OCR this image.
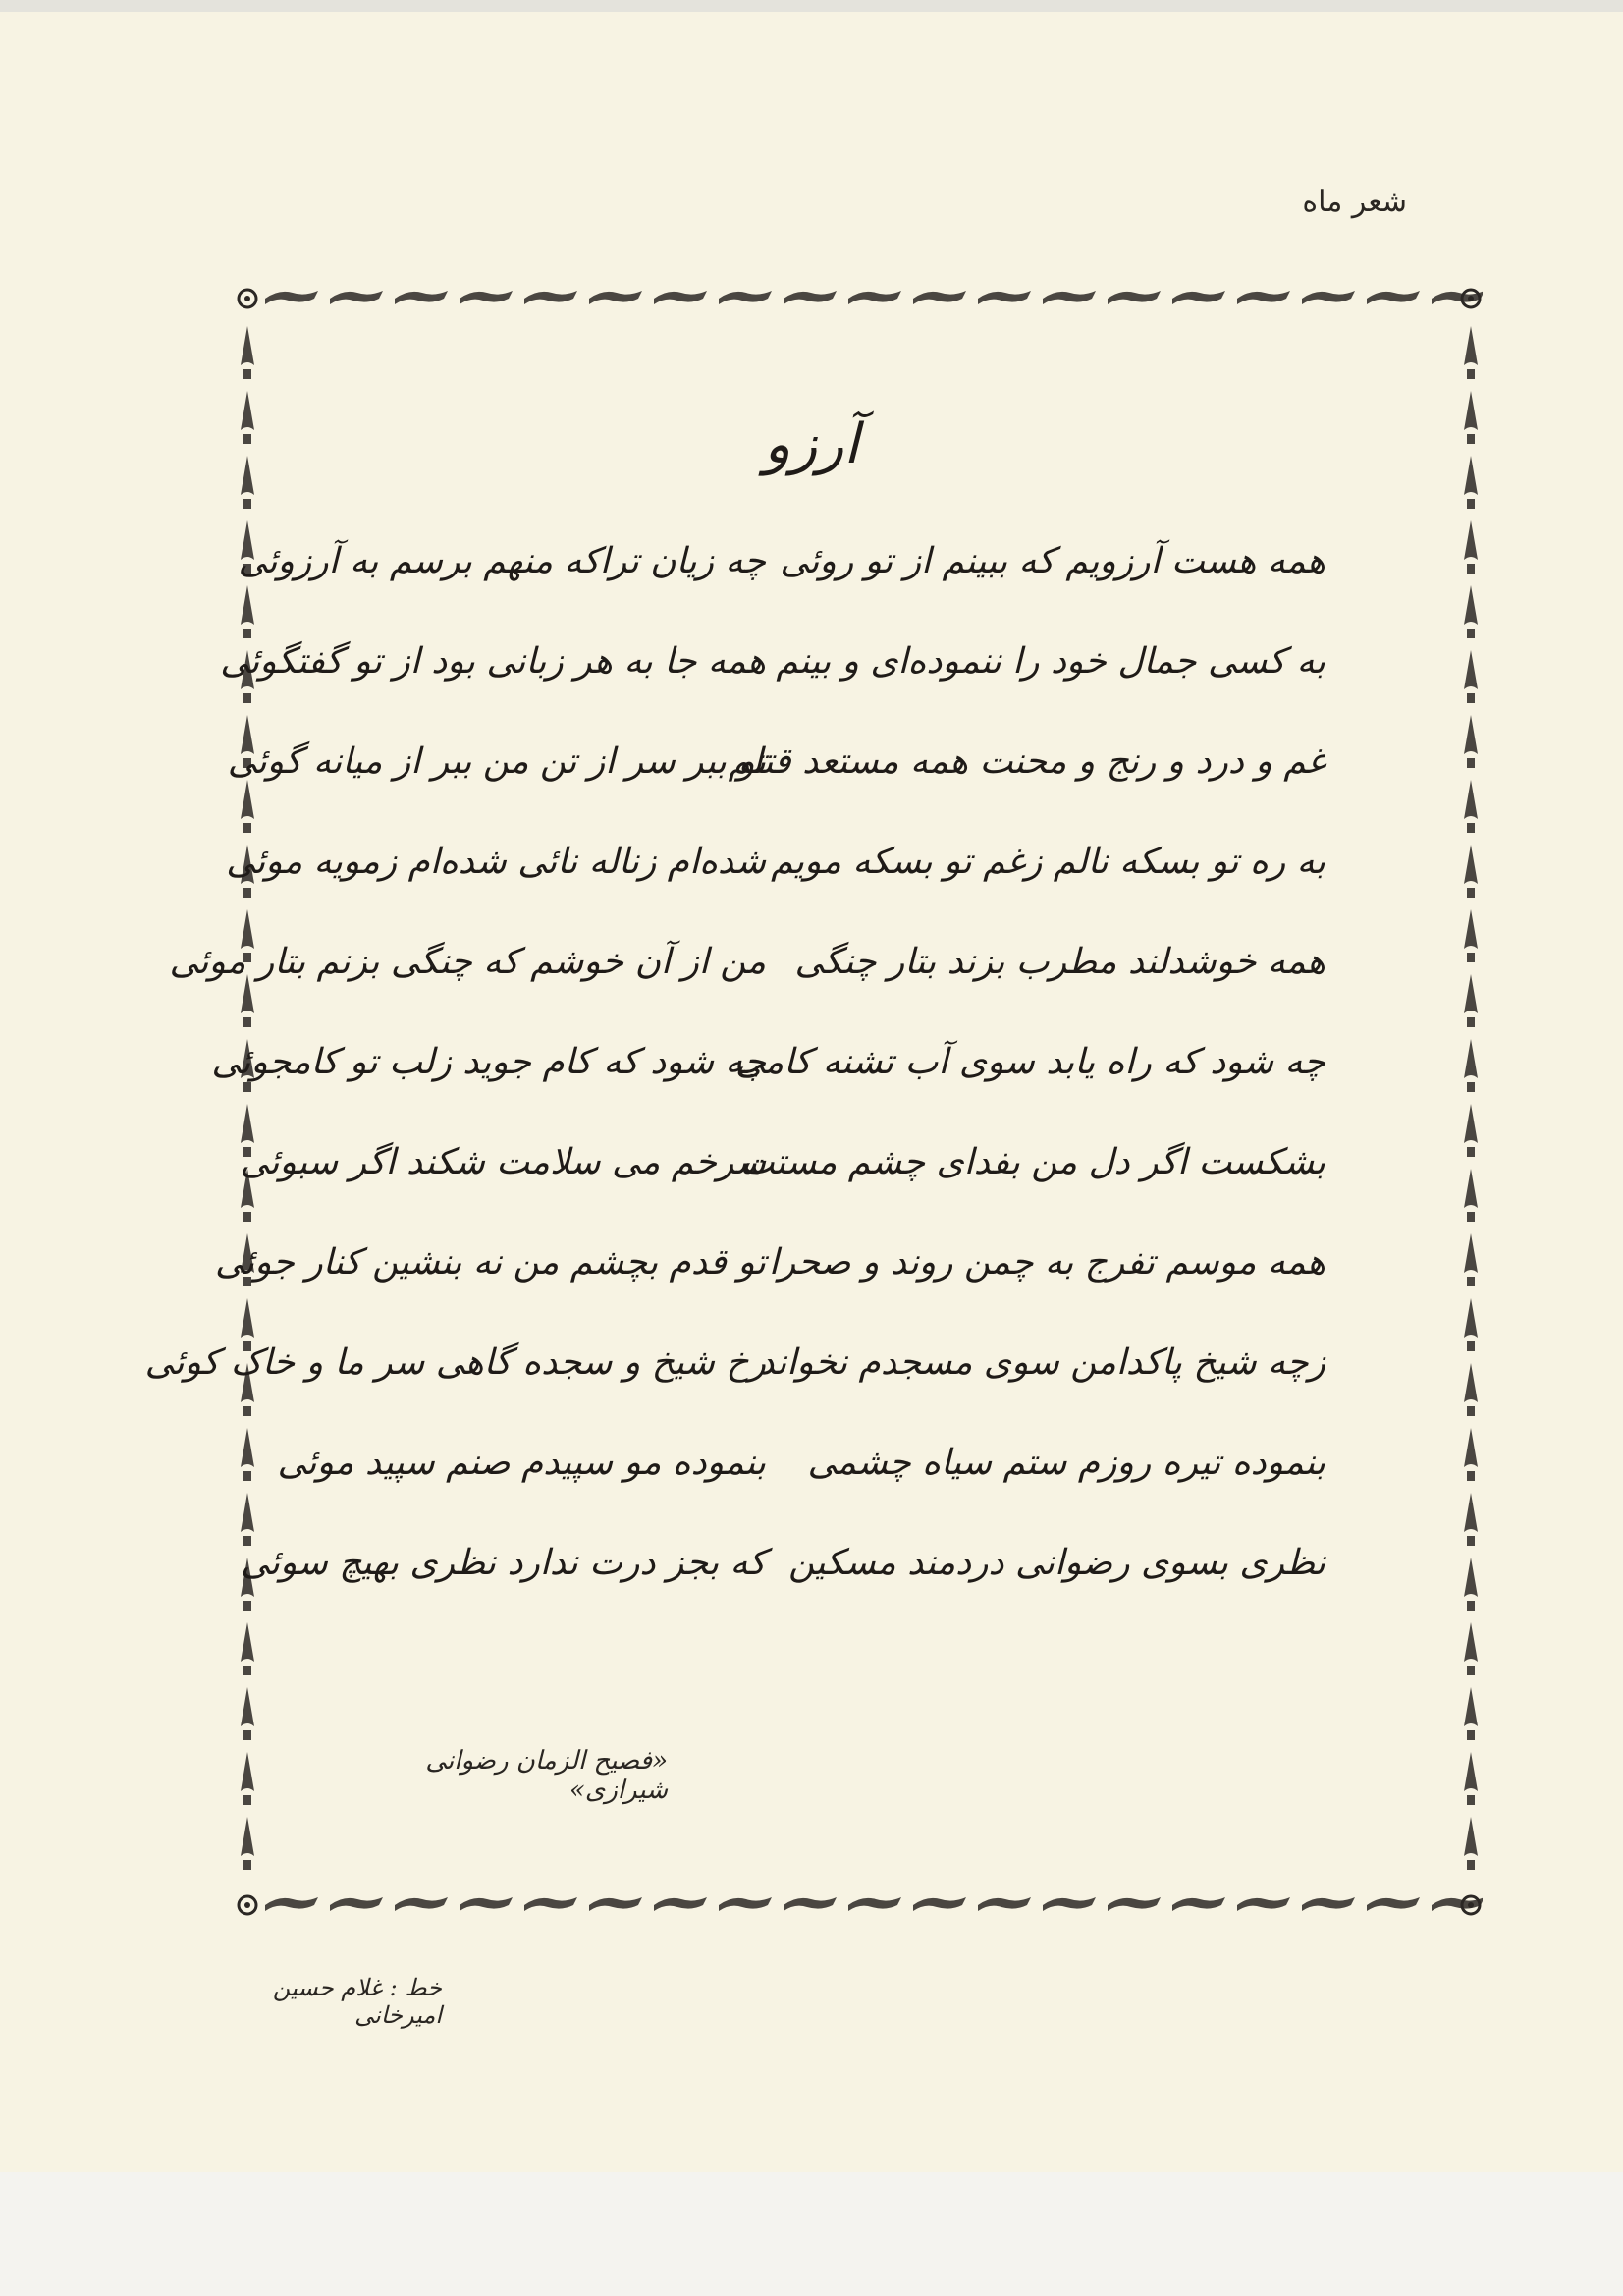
شعر ماه
آرزو
همه هست آرزویم که ببینم از تو روئی
چه زیان تراکه منهم برسم به آرزوئی
به کسی جمال خود را ننموده‌ای و بینم
همه جا به هر زبانی بود از تو گفتگوئی
غم و درد و رنج و محنت همه مستعد قتلم
تو ببر سر از تن من ببر از میانه گوئی
به ره تو بسکه نالم زغم تو بسکه مویم
شده‌ام زناله نائی شده‌ام زمویه موئی
همه خوشدلند مطرب بزند بتار چنگی
من از آن خوشم که چنگی بزنم بتار موئی
چه شود که راه یابد سوی آب تشنه کامی
چه شود که کام جوید زلب تو کامجوئی
بشکست اگر دل من بفدای چشم مستت
سرخم می سلامت شکند اگر سبوئی
همه موسم تفرج به چمن روند و صحرا
تو قدم بچشم من نه بنشین کنار جوئی
زچه شیخ پاکدامن سوی مسجدم نخواند
رخ شیخ و سجده گاهی سر ما و خاک کوئی
بنموده تیره روزم ستم سیاه چشمی
بنموده مو سپیدم صنم سپید موئی
نظری بسوی رضوانی دردمند مسکین
که بجز درت ندارد نظری بهیچ سوئی
«فصیح الزمان رضوانی شیرازی»
خط : غلام حسین امیرخانی
